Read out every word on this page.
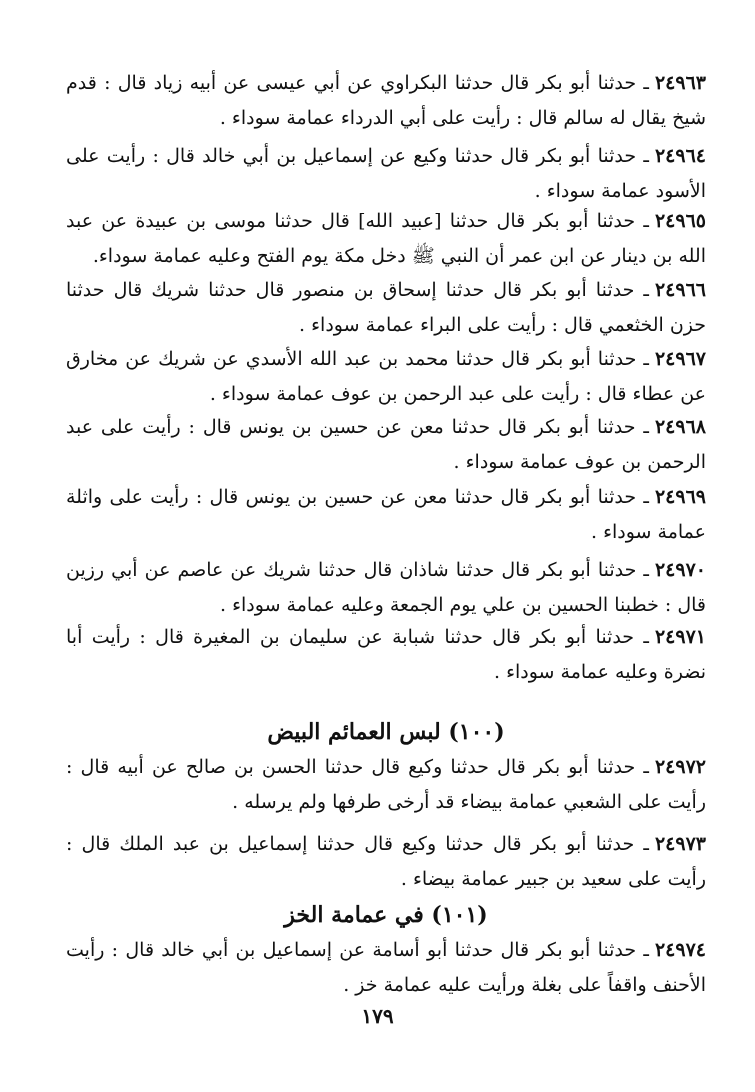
٢٤٩٦٣ـ حدثنا أبو بكر قال حدثنا البكراوي عن أبي عيسى عن أبيه زياد قال : قدم شيخ يقال له سالم قال : رأيت على أبي الدرداء عمامة سوداء .

٢٤٩٦٤ـ حدثنا أبو بكر قال حدثنا وكيع عن إسماعيل بن أبي خالد قال : رأيت على الأسود عمامة سوداء .

٢٤٩٦٥ـ حدثنا أبو بكر قال حدثنا [عبيد الله] قال حدثنا موسى بن عبيدة عن عبد الله بن دينار عن ابن عمر أن النبي ﷺ دخل مكة يوم الفتح وعليه عمامة سوداء.

٢٤٩٦٦ـ حدثنا أبو بكر قال حدثنا إسحاق بن منصور قال حدثنا شريك قال حدثنا حزن الخثعمي قال : رأيت على البراء عمامة سوداء .

٢٤٩٦٧ـ حدثنا أبو بكر قال حدثنا محمد بن عبد الله الأسدي عن شريك عن مخارق عن عطاء قال : رأيت على عبد الرحمن بن عوف عمامة سوداء .

٢٤٩٦٨ـ حدثنا أبو بكر قال حدثنا معن عن حسين بن يونس قال : رأيت على عبد الرحمن بن عوف عمامة سوداء .

٢٤٩٦٩ـ حدثنا أبو بكر قال حدثنا معن عن حسين بن يونس قال : رأيت على واثلة عمامة سوداء .

٢٤٩٧٠ـ حدثنا أبو بكر قال حدثنا شاذان قال حدثنا شريك عن عاصم عن أبي رزين قال : خطبنا الحسين بن علي يوم الجمعة وعليه عمامة سوداء .

٢٤٩٧١ـ حدثنا أبو بكر قال حدثنا شبابة عن سليمان بن المغيرة قال : رأيت أبا نضرة وعليه عمامة سوداء .

(١٠٠) لبس العمائم البيض

٢٤٩٧٢ـ حدثنا أبو بكر قال حدثنا وكيع قال حدثنا الحسن بن صالح عن أبيه قال : رأيت على الشعبي عمامة بيضاء قد أرخى طرفها ولم يرسله .

٢٤٩٧٣ـ حدثنا أبو بكر قال حدثنا وكيع قال حدثنا إسماعيل بن عبد الملك قال : رأيت على سعيد بن جبير عمامة بيضاء .

(١٠١) في عمامة الخز

٢٤٩٧٤ـ حدثنا أبو بكر قال حدثنا أبو أسامة عن إسماعيل بن أبي خالد قال : رأيت الأحنف واقفاً على بغلة ورأيت عليه عمامة خز .

١٧٩
